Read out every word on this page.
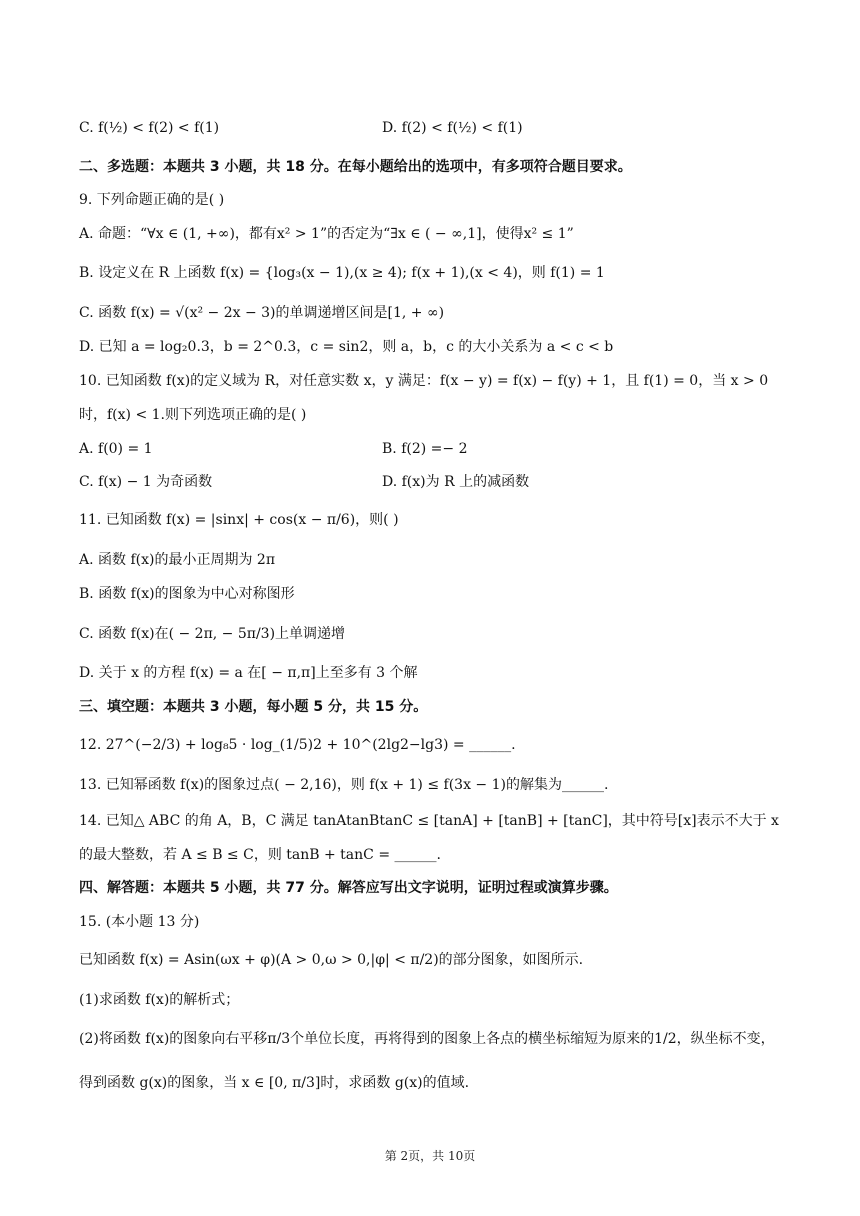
C. f(½) < f(2) < f(1)	D. f(2) < f(½) < f(1)
二、多选题：本题共 3 小题，共 18 分。在每小题给出的选项中，有多项符合题目要求。
9. 下列命题正确的是( )
A. 命题：“∀x ∈ (1, +∞)，都有x² > 1”的否定为“∃x ∈ ( − ∞,1]，使得x² ≤ 1”
B. 设定义在 R 上函数 f(x) = {log₃(x − 1),(x ≥ 4); f(x + 1),(x < 4)，则 f(1) = 1
C. 函数 f(x) = √(x² − 2x − 3)的单调递增区间是[1, + ∞)
D. 已知 a = log₂0.3，b = 2^0.3，c = sin2，则 a，b，c 的大小关系为 a < c < b
10. 已知函数 f(x)的定义域为 R，对任意实数 x，y 满足：f(x − y) = f(x) − f(y) + 1，且 f(1) = 0，当 x > 0
时，f(x) < 1.则下列选项正确的是( )
A. f(0) = 1	B. f(2) =− 2
C. f(x) − 1 为奇函数	D. f(x)为 R 上的减函数
11. 已知函数 f(x) = |sinx| + cos(x − π/6)，则( )
A. 函数 f(x)的最小正周期为 2π
B. 函数 f(x)的图象为中心对称图形
C. 函数 f(x)在( − 2π, − 5π/3)上单调递增
D. 关于 x 的方程 f(x) = a 在[ − π,π]上至多有 3 个解
三、填空题：本题共 3 小题，每小题 5 分，共 15 分。
12. 27^(−2/3) + log₈5 · log_(1/5)2 + 10^(2lg2−lg3) = ______.
13. 已知幂函数 f(x)的图象过点( − 2,16)，则 f(x + 1) ≤ f(3x − 1)的解集为______.
14. 已知△ ABC 的角 A，B，C 满足 tanAtanBtanC ≤ [tanA] + [tanB] + [tanC]，其中符号[x]表示不大于 x
的最大整数，若 A ≤ B ≤ C，则 tanB + tanC = ______.
四、解答题：本题共 5 小题，共 77 分。解答应写出文字说明，证明过程或演算步骤。
15. (本小题 13 分)
已知函数 f(x) = Asin(ωx + φ)(A > 0,ω > 0,|φ| < π/2)的部分图象，如图所示.
(1)求函数 f(x)的解析式；
(2)将函数 f(x)的图象向右平移π/3个单位长度，再将得到的图象上各点的横坐标缩短为原来的1/2，纵坐标不变，
得到函数 g(x)的图象，当 x ∈ [0, π/3]时，求函数 g(x)的值域.
第 2页，共 10页
